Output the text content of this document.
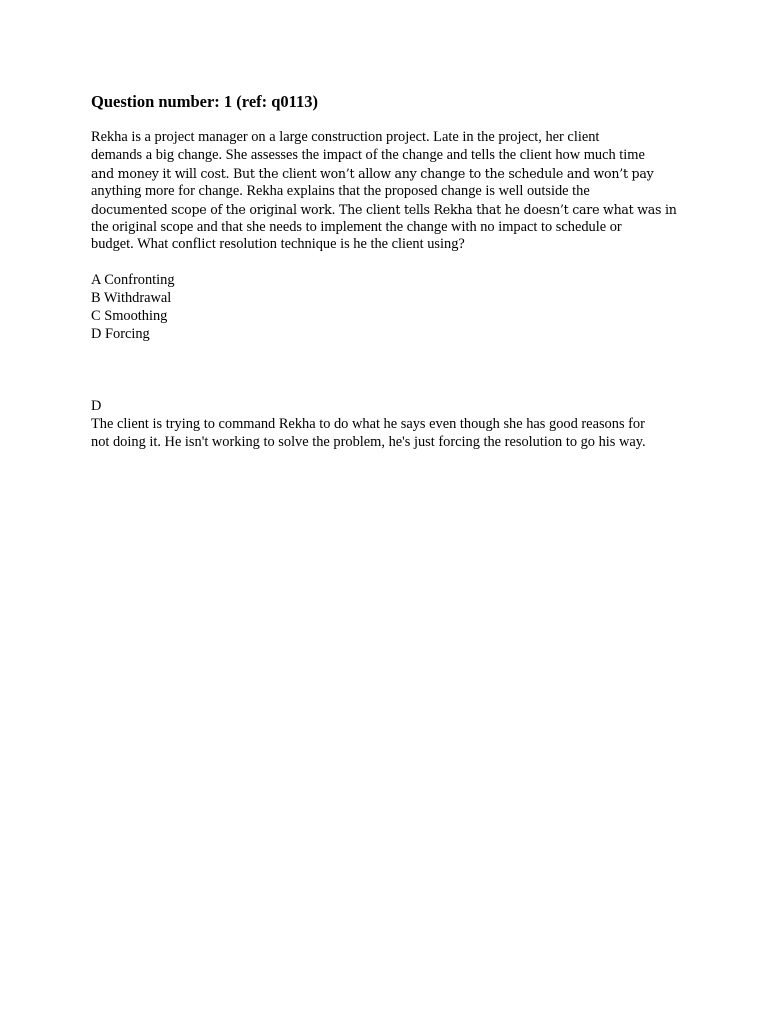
Question number: 1 (ref: q0113)
Rekha is a project manager on a large construction project. Late in the project, her client
demands a big change. She assesses the impact of the change and tells the client how much time
and money it will cost. But the client won’t allow any change to the schedule and won’t pay
anything more for change. Rekha explains that the proposed change is well outside the
documented scope of the original work. The client tells Rekha that he doesn’t care what was in
the original scope and that she needs to implement the change with no impact to schedule or
budget. What conflict resolution technique is he the client using?
A Confronting
B Withdrawal
C Smoothing
D Forcing
D
The client is trying to command Rekha to do what he says even though she has good reasons for
not doing it. He isn't working to solve the problem, he's just forcing the resolution to go his way.
